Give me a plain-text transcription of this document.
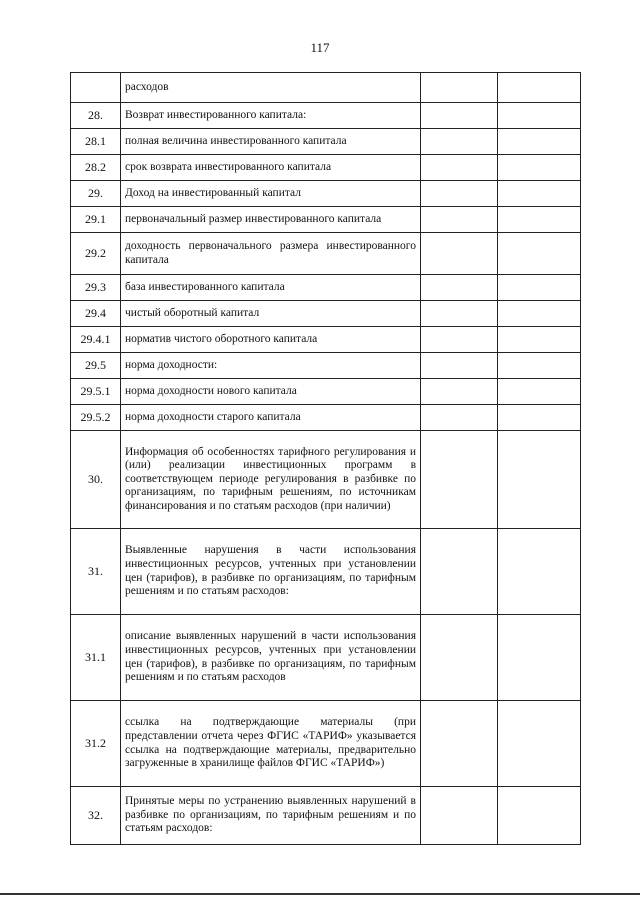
117
	расходов		
28.	Возврат инвестированного капитала:		
28.1	полная величина инвестированного капитала		
28.2	срок возврата инвестированного капитала		
29.	Доход на инвестированный капитал		
29.1	первоначальный размер инвестированного капитала		
29.2	доходность первоначального размера инвестированного капитала		
29.3	база инвестированного капитала		
29.4	чистый оборотный капитал		
29.4.1	норматив чистого оборотного капитала		
29.5	норма доходности:		
29.5.1	норма доходности нового капитала		
29.5.2	норма доходности старого капитала		
30.	Информация об особенностях тарифного регулирования и (или) реализации инвестиционных программ в соответствующем периоде регулирования в разбивке по организациям, по тарифным решениям, по источникам финансирования и по статьям расходов (при наличии)		
31.	Выявленные нарушения в части использования инвестиционных ресурсов, учтенных при установлении цен (тарифов), в разбивке по организациям, по тарифным решениям и по статьям расходов:		
31.1	описание выявленных нарушений в части использования инвестиционных ресурсов, учтенных при установлении цен (тарифов), в разбивке по организациям, по тарифным решениям и по статьям расходов		
31.2	ссылка на подтверждающие материалы (при представлении отчета через ФГИС «ТАРИФ» указывается ссылка на подтверждающие материалы, предварительно загруженные в хранилище файлов ФГИС «ТАРИФ»)		
32.	Принятые меры по устранению выявленных нарушений в разбивке по организациям, по тарифным решениям и по статьям расходов:		
